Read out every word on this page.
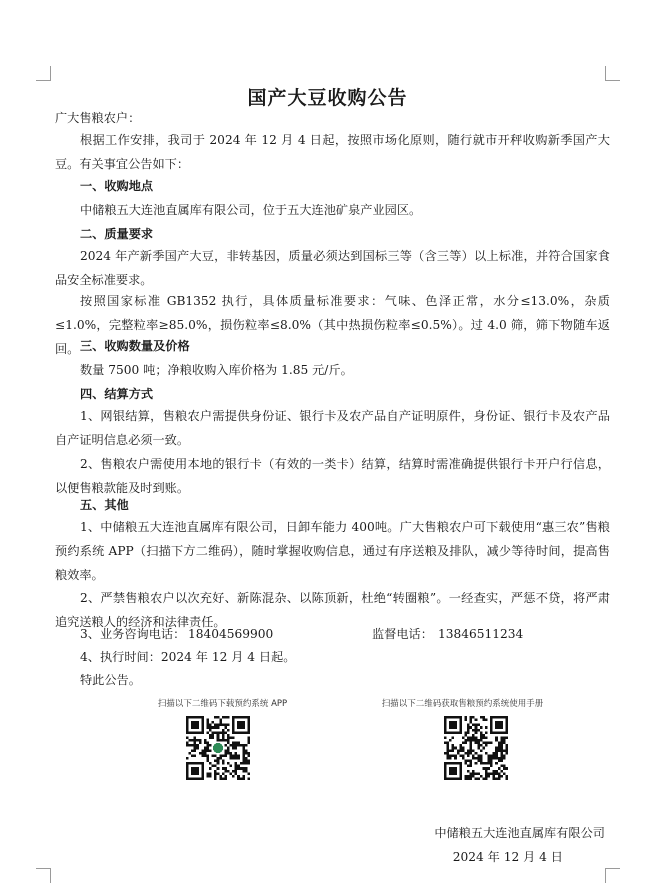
国产大豆收购公告
广大售粮农户：

根据工作安排，我司于 2024 年 12 月 4 日起，按照市场化原则，随行就市开秤收购新季国产大豆。有关事宜公告如下：

一、收购地点
中储粮五大连池直属库有限公司，位于五大连池矿泉产业园区。
二、质量要求

2024 年产新季国产大豆，非转基因，质量必须达到国标三等（含三等）以上标准，并符合国家食品安全标准要求。

按照国家标准 GB1352 执行，具体质量标准要求：气味、色泽正常，水分≤13.0%，杂质≤1.0%，完整粒率≥85.0%，损伤粒率≤8.0%（其中热损伤粒率≤0.5%）。过 4.0 筛，筛下物随车返回。 三、收购数量及价格
数量 7500 吨；净粮收购入库价格为 1.85 元/斤。
四、结算方式

1、网银结算，售粮农户需提供身份证、银行卡及农产品自产证明原件，身份证、银行卡及农产品自产证明信息必须一致。

2、售粮农户需使用本地的银行卡（有效的一类卡）结算，结算时需准确提供银行卡开户行信息，以便售粮款能及时到账。

五、其他

1、中储粮五大连池直属库有限公司，日卸车能力 400吨。广大售粮农户可下载使用“惠三农”售粮预约系统 APP（扫描下方二维码），随时掌握收购信息，通过有序送粮及排队，减少等待时间，提高售粮效率。

2、严禁售粮农户以次充好、新陈混杂、以陈顶新，杜绝“转圈粮”。一经查实，严惩不贷，将严肃追究送粮人的经济和法律责任。

3、业务咨询电话： 18404569900	监督电话： 13846511234
4、执行时间：2024 年 12 月 4 日起。
特此公告。
扫描以下二维码下载预约系统 APP	扫描以下二维码获取售粮预约系统使用手册
中储粮五大连池直属库有限公司
2024 年 12 月 4 日
